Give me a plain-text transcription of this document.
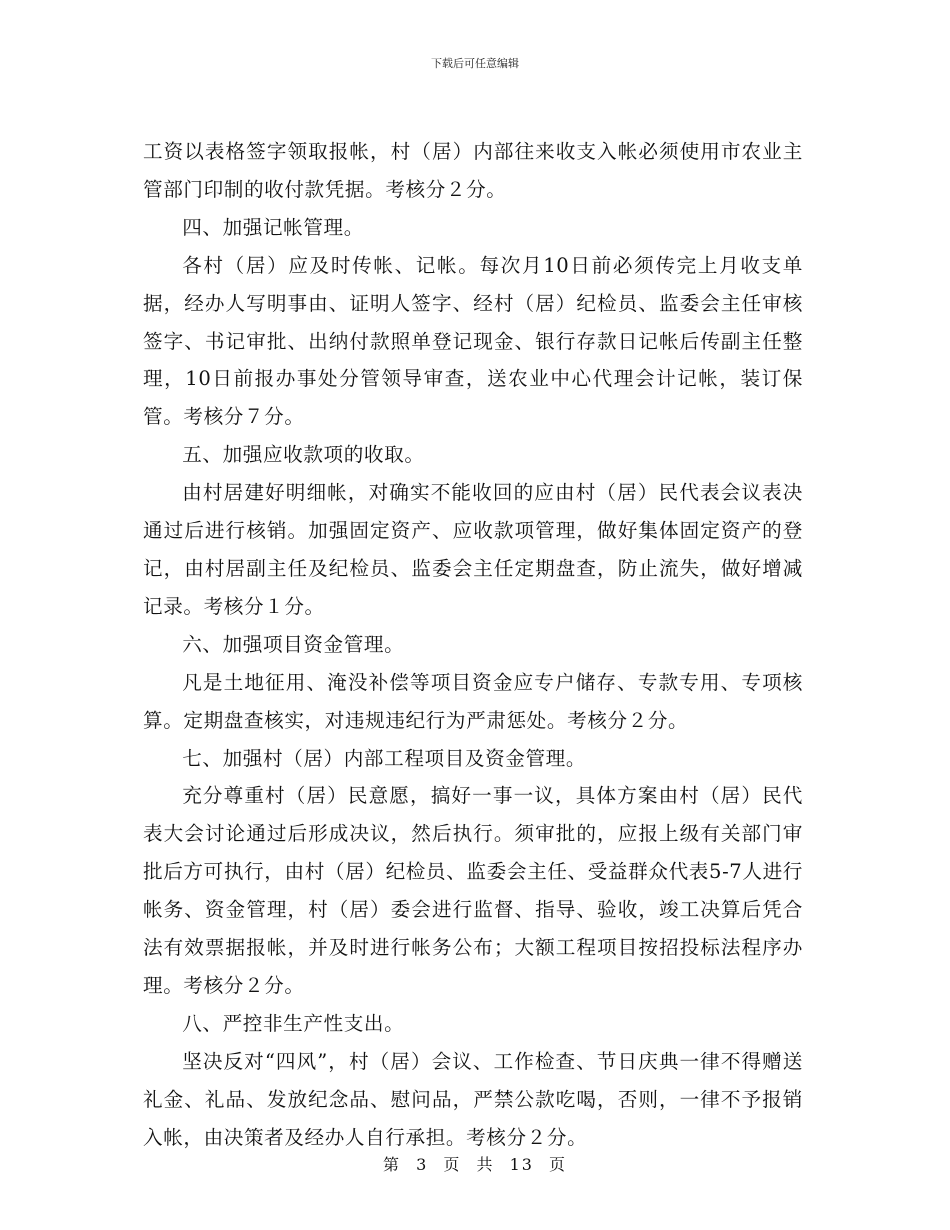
下载后可任意编辑

工资以表格签字领取报帐，村（居）内部往来收支入帐必须使用市农业主管部门印制的收付款凭据。考核分２分。

四、加强记帐管理。

各村（居）应及时传帐、记帐。每次月10日前必须传完上月收支单据，经办人写明事由、证明人签字、经村（居）纪检员、监委会主任审核签字、书记审批、出纳付款照单登记现金、银行存款日记帐后传副主任整理，10日前报办事处分管领导审查，送农业中心代理会计记帐，装订保管。考核分７分。

五、加强应收款项的收取。

由村居建好明细帐，对确实不能收回的应由村（居）民代表会议表决通过后进行核销。加强固定资产、应收款项管理，做好集体固定资产的登记，由村居副主任及纪检员、监委会主任定期盘查，防止流失，做好增减记录。考核分１分。

六、加强项目资金管理。

凡是土地征用、淹没补偿等项目资金应专户储存、专款专用、专项核算。定期盘查核实，对违规违纪行为严肃惩处。考核分２分。

七、加强村（居）内部工程项目及资金管理。

充分尊重村（居）民意愿，搞好一事一议，具体方案由村（居）民代表大会讨论通过后形成决议，然后执行。须审批的，应报上级有关部门审批后方可执行，由村（居）纪检员、监委会主任、受益群众代表5-7人进行帐务、资金管理，村（居）委会进行监督、指导、验收，竣工决算后凭合法有效票据报帐，并及时进行帐务公布；大额工程项目按招投标法程序办理。考核分２分。

八、严控非生产性支出。

坚决反对“四风”，村（居）会议、工作检查、节日庆典一律不得赠送礼金、礼品、发放纪念品、慰问品，严禁公款吃喝，否则，一律不予报销入帐，由决策者及经办人自行承担。考核分２分。

第 3 页 共 13 页
